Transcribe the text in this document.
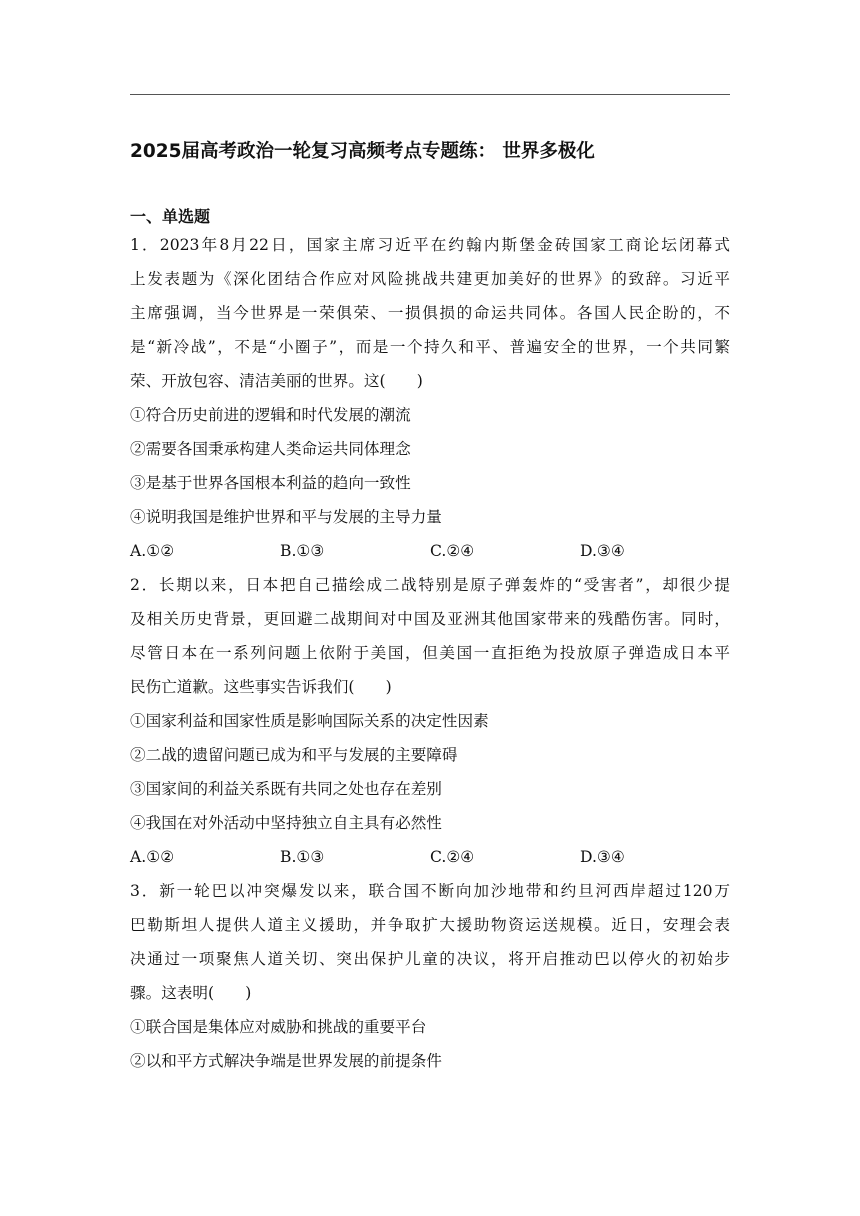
2025届高考政治一轮复习高频考点专题练： 世界多极化
一、单选题
1．2023年8月22日，国家主席习近平在约翰内斯堡金砖国家工商论坛闭幕式
上发表题为《深化团结合作应对风险挑战共建更加美好的世界》的致辞。习近平
主席强调，当今世界是一荣俱荣、一损俱损的命运共同体。各国人民企盼的，不
是“新冷战”，不是“小圈子”，而是一个持久和平、普遍安全的世界，一个共同繁
荣、开放包容、清洁美丽的世界。这(　　)
①符合历史前进的逻辑和时代发展的潮流
②需要各国秉承构建人类命运共同体理念
③是基于世界各国根本利益的趋向一致性
④说明我国是维护世界和平与发展的主导力量
A.①②	B.①③	C.②④	D.③④
2．长期以来，日本把自己描绘成二战特别是原子弹轰炸的“受害者”，却很少提
及相关历史背景，更回避二战期间对中国及亚洲其他国家带来的残酷伤害。同时，
尽管日本在一系列问题上依附于美国，但美国一直拒绝为投放原子弹造成日本平
民伤亡道歉。这些事实告诉我们(　　)
①国家利益和国家性质是影响国际关系的决定性因素
②二战的遗留问题已成为和平与发展的主要障碍
③国家间的利益关系既有共同之处也存在差别
④我国在对外活动中坚持独立自主具有必然性
A.①②	B.①③	C.②④	D.③④
3．新一轮巴以冲突爆发以来，联合国不断向加沙地带和约旦河西岸超过120万
巴勒斯坦人提供人道主义援助，并争取扩大援助物资运送规模。近日，安理会表
决通过一项聚焦人道关切、突出保护儿童的决议，将开启推动巴以停火的初始步
骤。这表明(　　)
①联合国是集体应对威胁和挑战的重要平台
②以和平方式解决争端是世界发展的前提条件
